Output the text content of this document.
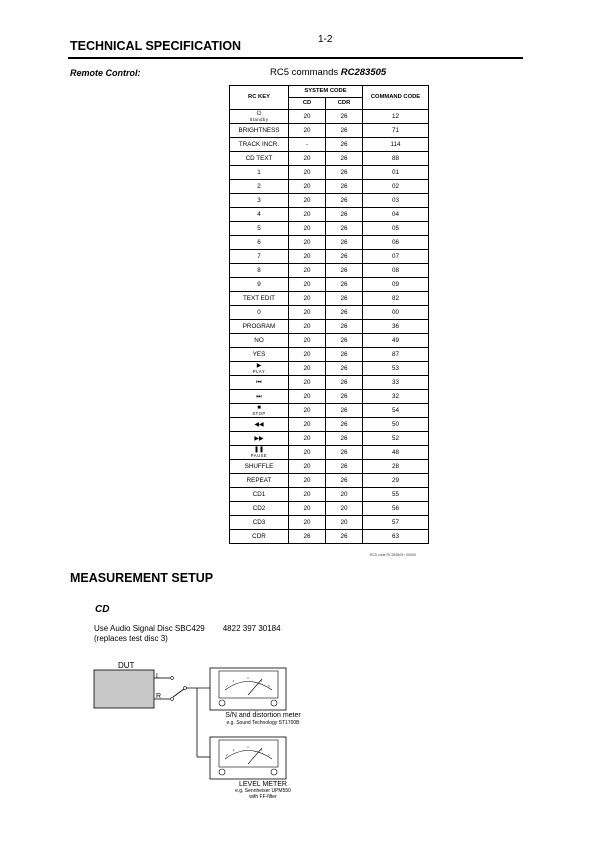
1-2
TECHNICAL SPECIFICATION
Remote Control:	RC5 commands RC283505
RC KEY	SYSTEM CODE		COMMAND CODE
	CD	CDR	

⏻
Standby	20	26	12
BRIGHTNESS	20	26	71
TRACK INCR.	-	26	114
CD TEXT	20	26	88
1	20	26	01
2	20	26	02
3	20	26	03
4	20	26	04
5	20	26	05
6	20	26	06
7	20	26	07
8	20	26	08
9	20	26	09
TEXT EDIT	20	26	82
0	20	26	00
PROGRAM	20	26	36
NO	20	26	49
YES	20	26	87

▶
PLAY	20	26	53

⏮	20	26	33

⏭	20	26	32

■
STOP	20	26	54

◀◀	20	26	50

▶▶	20	26	52

❚❚
PAUSE	20	26	48
SHUFFLE	20	26	28
REPEAT	20	26	29
CD1	20	20	55
CD2	20	20	56
CD3	20	20	57
CDR	26	26	63
RC5 code RC283505 / 00000
MEASUREMENT SETUP
CD
Use Audio Signal Disc SBC429 4822 397 30184
(replaces test disc 3)
DUT
L
R
S/N and distortion meter
e.g. Sound Technology ST1700B
LEVEL METER
e.g. Sennheiser UPM550
with FF-filter
